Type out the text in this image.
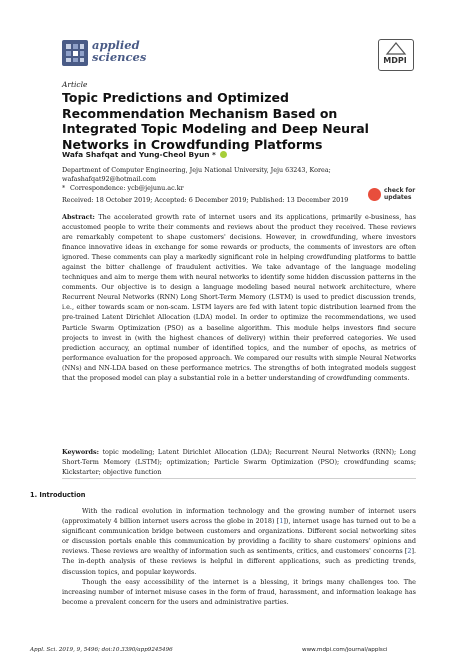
applied
sciences	MDPI
Article
Topic Predictions and Optimized Recommendation Mechanism Based on Integrated Topic Modeling and Deep Neural Networks in Crowdfunding Platforms
Wafa Shafqat and Yung-Cheol Byun *
Department of Computer Engineering, Jeju National University, Jeju 63243, Korea; wafashafqat92@hotmail.com
* Correspondence: ycb@jejunu.ac.kr	check for
updates
Received: 18 October 2019; Accepted: 6 December 2019; Published: 13 December 2019
Abstract: The accelerated growth rate of internet users and its applications, primarily e-business, has accustomed people to write their comments and reviews about the product they received. These reviews are remarkably competent to shape customers' decisions. However, in crowdfunding, where investors finance innovative ideas in exchange for some rewards or products, the comments of investors are often ignored. These comments can play a markedly significant role in helping crowdfunding platforms to battle against the bitter challenge of fraudulent activities. We take advantage of the language modeling techniques and aim to merge them with neural networks to identify some hidden discussion patterns in the comments. Our objective is to design a language modeling based neural network architecture, where Recurrent Neural Networks (RNN) Long Short-Term Memory (LSTM) is used to predict discussion trends, i.e., either towards scam or non-scam. LSTM layers are fed with latent topic distribution learned from the pre-trained Latent Dirichlet Allocation (LDA) model. In order to optimize the recommendations, we used Particle Swarm Optimization (PSO) as a baseline algorithm. This module helps investors find secure projects to invest in (with the highest chances of delivery) within their preferred categories. We used prediction accuracy, an optimal number of identified topics, and the number of epochs, as metrics of performance evaluation for the proposed approach. We compared our results with simple Neural Networks (NNs) and NN-LDA based on these performance metrics. The strengths of both integrated models suggest that the proposed model can play a substantial role in a better understanding of crowdfunding comments.
Keywords: topic modeling; Latent Dirichlet Allocation (LDA); Recurrent Neural Networks (RNN); Long Short-Term Memory (LSTM); optimization; Particle Swarm Optimization (PSO); crowdfunding scams; Kickstarter; objective function
1. Introduction
With the radical evolution in information technology and the growing number of internet users (approximately 4 billion internet users across the globe in 2018) [1]), internet usage has turned out to be a significant communication bridge between customers and organizations. Different social networking sites or discussion portals enable this communication by providing a facility to share customers' opinions and reviews. These reviews are wealthy of information such as sentiments, critics, and customers' concerns [2]. The in-depth analysis of these reviews is helpful in different applications, such as predicting trends, discussion topics, and popular keywords.
Though the easy accessibility of the internet is a blessing, it brings many challenges too. The increasing number of internet misuse cases in the form of fraud, harassment, and information leakage has become a prevalent concern for the users and administrative parties.
Appl. Sci. 2019, 9, 5496; doi:10.3390/app9245496	www.mdpi.com/journal/applsci
